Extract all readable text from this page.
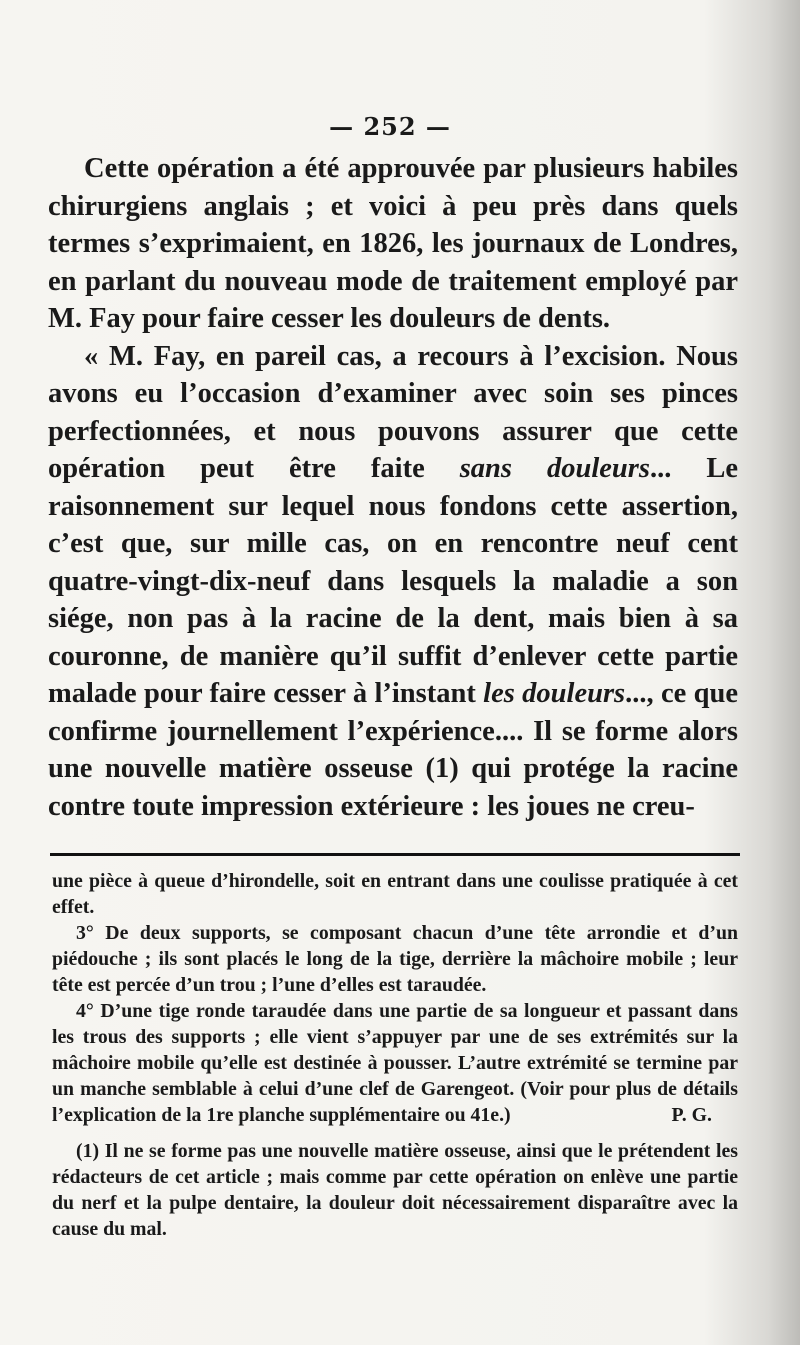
— 252 —

Cette opération a été approuvée par plusieurs habiles chirurgiens anglais ; et voici à peu près dans quels termes s’exprimaient, en 1826, les journaux de Londres, en parlant du nouveau mode de traitement employé par M. Fay pour faire cesser les douleurs de dents.

« M. Fay, en pareil cas, a recours à l’excision. Nous avons eu l’occasion d’examiner avec soin ses pinces perfectionnées, et nous pouvons assurer que cette opération peut être faite sans douleurs... Le raisonnement sur lequel nous fondons cette assertion, c’est que, sur mille cas, on en rencontre neuf cent quatre-vingt-dix-neuf dans lesquels la maladie a son siége, non pas à la racine de la dent, mais bien à sa couronne, de manière qu’il suffit d’enlever cette partie malade pour faire cesser à l’instant les douleurs..., ce que confirme journellement l’expérience.... Il se forme alors une nouvelle matière osseuse (1) qui protége la racine contre toute impression extérieure : les joues ne creu-

une pièce à queue d’hirondelle, soit en entrant dans une coulisse pratiquée à cet effet.

3° De deux supports, se composant chacun d’une tête arrondie et d’un piédouche ; ils sont placés le long de la tige, derrière la mâchoire mobile ; leur tête est percée d’un trou ; l’une d’elles est taraudée.

4° D’une tige ronde taraudée dans une partie de sa longueur et passant dans les trous des supports ; elle vient s’appuyer par une de ses extrémités sur la mâchoire mobile qu’elle est destinée à pousser. L’autre extrémité se termine par un manche semblable à celui d’une clef de Garengeot. (Voir pour plus de détails l’explication de la 1re planche supplémentaire ou 41e.)	P. G.

(1) Il ne se forme pas une nouvelle matière osseuse, ainsi que le prétendent les rédacteurs de cet article ; mais comme par cette opération on enlève une partie du nerf et la pulpe dentaire, la douleur doit nécessairement disparaître avec la cause du mal.
